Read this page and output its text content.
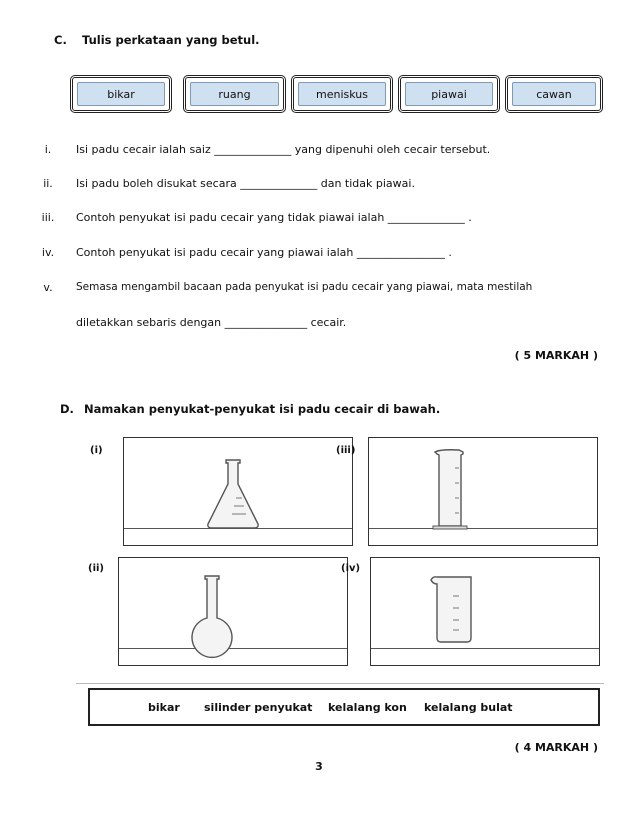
C. Tulis perkataan yang betul.
bikar	ruang	meniskus	piawai	cawan
i.	Isi padu cecair ialah saiz ______________ yang dipenuhi oleh cecair tersebut.
ii.	Isi padu boleh disukat secara ______________ dan tidak piawai.
iii.	Contoh penyukat isi padu cecair yang tidak piawai ialah ______________ .
iv.	Contoh penyukat isi padu cecair yang piawai ialah ________________ .
v.	Semasa mengambil bacaan pada penyukat isi padu cecair yang piawai, mata mestilah
diletakkan sebaris dengan _______________ cecair.
( 5 MARKAH )
D. Namakan penyukat-penyukat isi padu cecair di bawah.
(i)	(iii)
(ii)	(iv)
bikar silinder penyukat kelalang kon kelalang bulat
( 4 MARKAH )
3
